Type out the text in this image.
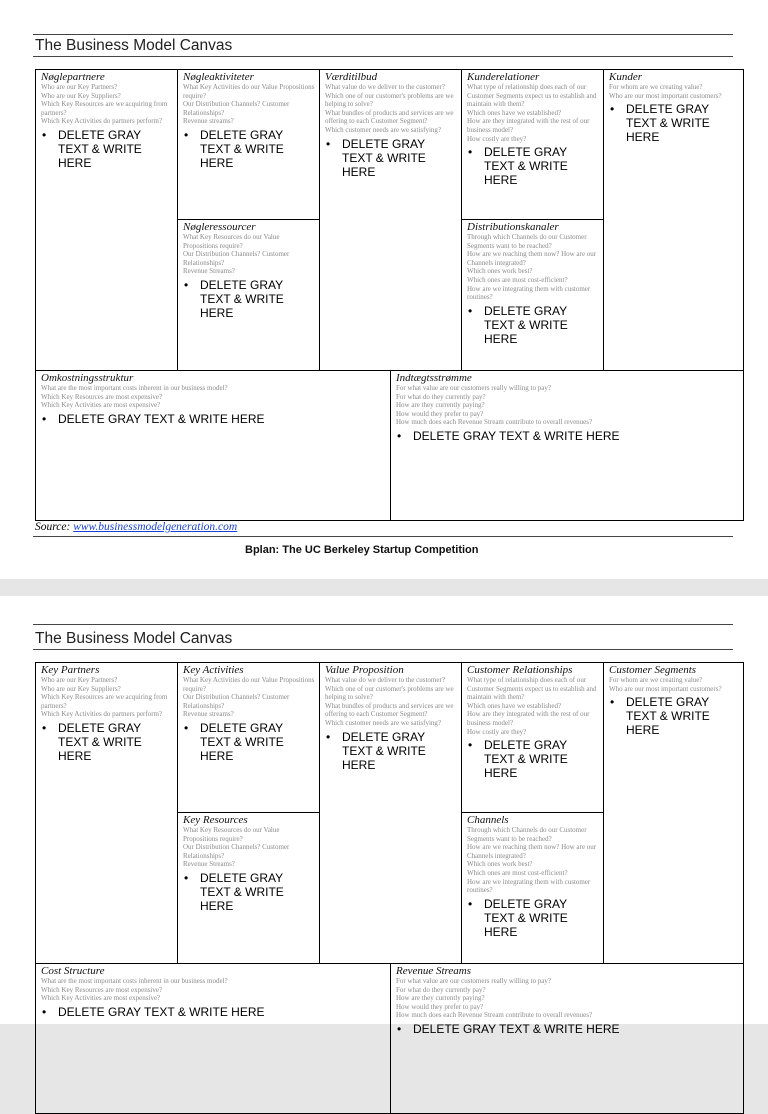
The Business Model Canvas
Nøglepartnere
Who are our Key Partners?
Who are our Key Suppliers?
Which Key Resources are we acquiring from partners?
Which Key Activities do partners perform?
• DELETE GRAY TEXT & WRITE HERE
Nøgleaktiviteter
What Key Activities do our Value Propositions require?
Our Distribution Channels? Customer Relationships?
Revenue streams?
• DELETE GRAY TEXT & WRITE HERE
Nøgleressourcer
What Key Resources do our Value Propositions require?
Our Distribution Channels? Customer Relationships?
Revenue Streams?
• DELETE GRAY TEXT & WRITE HERE
Værditilbud
What value do we deliver to the customer?
Which one of our customer's problems are we helping to solve?
What bundles of products and services are we offering to each Customer Segment?
Which customer needs are we satisfying?
• DELETE GRAY TEXT & WRITE HERE
Kunderelationer
What type of relationship does each of our Customer Segments expect us to establish and maintain with them?
Which ones have we established?
How are they integrated with the rest of our business model?
How costly are they?
• DELETE GRAY TEXT & WRITE HERE
Distributionskanaler
Through which Channels do our Customer Segments want to be reached?
How are we reaching them now? How are our Channels integrated?
Which ones work best?
Which ones are most cost-efficient?
How are we integrating them with customer routines?
• DELETE GRAY TEXT & WRITE HERE
Kunder
For whom are we creating value?
Who are our most important customers?
• DELETE GRAY TEXT & WRITE HERE
Omkostningsstruktur
What are the most important costs inherent in our business model?
Which Key Resources are most expensive?
Which Key Activities are most expensive?
• DELETE GRAY TEXT & WRITE HERE
Indtægtsstrømme
For what value are our customers really willing to pay?
For what do they currently pay?
How are they currently paying?
How would they prefer to pay?
How much does each Revenue Stream contribute to overall revenues?
• DELETE GRAY TEXT & WRITE HERE
Source: www.businessmodelgeneration.com
Bplan: The UC Berkeley Startup Competition
The Business Model Canvas
Key Partners
Who are our Key Partners?
Who are our Key Suppliers?
Which Key Resources are we acquiring from partners?
Which Key Activities do partners perform?
• DELETE GRAY TEXT & WRITE HERE
Key Activities
What Key Activities do our Value Propositions require?
Our Distribution Channels? Customer Relationships?
Revenue streams?
• DELETE GRAY TEXT & WRITE HERE
Key Resources
What Key Resources do our Value Propositions require?
Our Distribution Channels? Customer Relationships?
Revenue Streams?
• DELETE GRAY TEXT & WRITE HERE
Value Proposition
What value do we deliver to the customer?
Which one of our customer's problems are we helping to solve?
What bundles of products and services are we offering to each Customer Segment?
Which customer needs are we satisfying?
• DELETE GRAY TEXT & WRITE HERE
Customer Relationships
What type of relationship does each of our Customer Segments expect us to establish and maintain with them?
Which ones have we established?
How are they integrated with the rest of our business model?
How costly are they?
• DELETE GRAY TEXT & WRITE HERE
Channels
Through which Channels do our Customer Segments want to be reached?
How are we reaching them now? How are our Channels integrated?
Which ones work best?
Which ones are most cost-efficient?
How are we integrating them with customer routines?
• DELETE GRAY TEXT & WRITE HERE
Customer Segments
For whom are we creating value?
Who are our most important customers?
• DELETE GRAY TEXT & WRITE HERE
Cost Structure
What are the most important costs inherent in our business model?
Which Key Resources are most expensive?
Which Key Activities are most expensive?
• DELETE GRAY TEXT & WRITE HERE
Revenue Streams
For what value are our customers really willing to pay?
For what do they currently pay?
How are they currently paying?
How would they prefer to pay?
How much does each Revenue Stream contribute to overall revenues?
• DELETE GRAY TEXT & WRITE HERE
